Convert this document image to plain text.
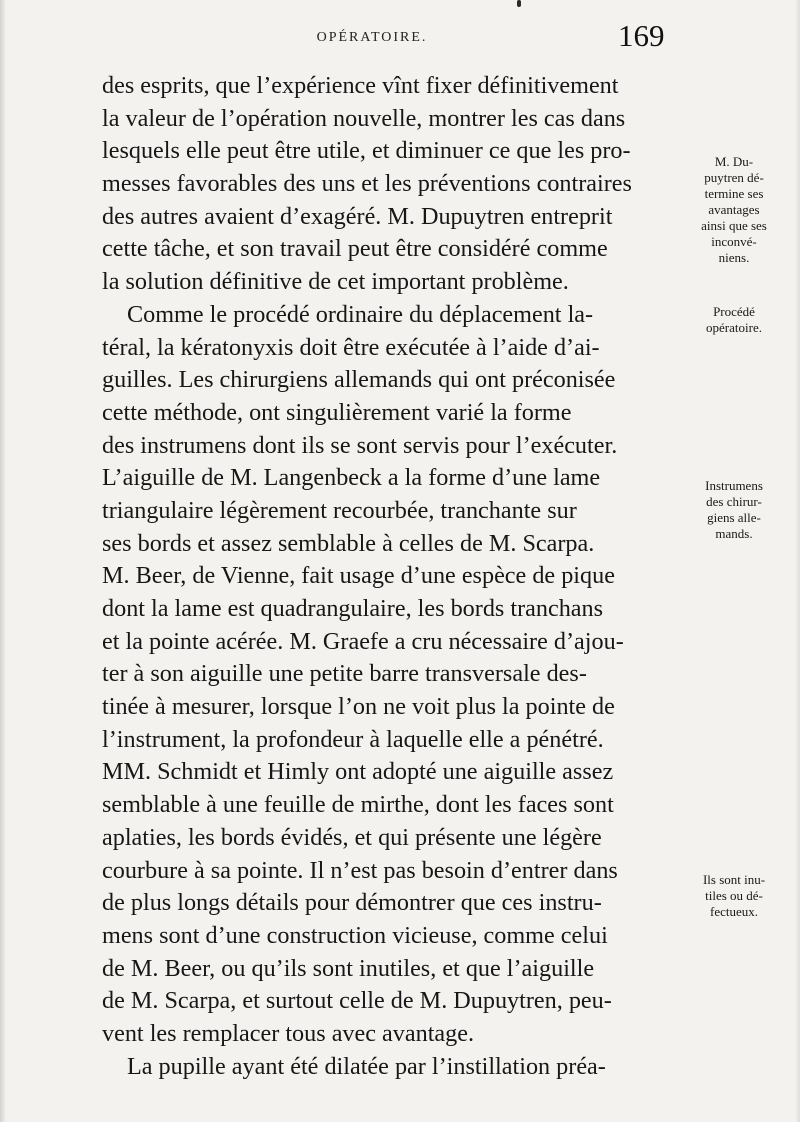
OPÉRATOIRE.	169
des esprits, que l’expérience vînt fixer définitivement
la valeur de l’opération nouvelle, montrer les cas dans
lesquels elle peut être utile, et diminuer ce que les pro-
messes favorables des uns et les préventions contraires
des autres avaient d’exagéré. M. Dupuytren entreprit
cette tâche, et son travail peut être considéré comme
la solution définitive de cet important problème.
Comme le procédé ordinaire du déplacement la-
téral, la kératonyxis doit être exécutée à l’aide d’ai-
guilles. Les chirurgiens allemands qui ont préconisée
cette méthode, ont singulièrement varié la forme
des instrumens dont ils se sont servis pour l’exécuter.
L’aiguille de M. Langenbeck a la forme d’une lame
triangulaire légèrement recourbée, tranchante sur
ses bords et assez semblable à celles de M. Scarpa.
M. Beer, de Vienne, fait usage d’une espèce de pique
dont la lame est quadrangulaire, les bords tranchans
et la pointe acérée. M. Graefe a cru nécessaire d’ajou-
ter à son aiguille une petite barre transversale des-
tinée à mesurer, lorsque l’on ne voit plus la pointe de
l’instrument, la profondeur à laquelle elle a pénétré.
MM. Schmidt et Himly ont adopté une aiguille assez
semblable à une feuille de mirthe, dont les faces sont
aplaties, les bords évidés, et qui présente une légère
courbure à sa pointe. Il n’est pas besoin d’entrer dans
de plus longs détails pour démontrer que ces instru-
mens sont d’une construction vicieuse, comme celui
de M. Beer, ou qu’ils sont inutiles, et que l’aiguille
de M. Scarpa, et surtout celle de M. Dupuytren, peu-
vent les remplacer tous avec avantage.
La pupille ayant été dilatée par l’instillation préa-
M. Du-
puytren dé-
termine ses
avantages
ainsi que ses
inconvé-
niens.
Procédé
opératoire.
Instrumens
des chirur-
giens alle-
mands.
Ils sont inu-
tiles ou dé-
fectueux.
